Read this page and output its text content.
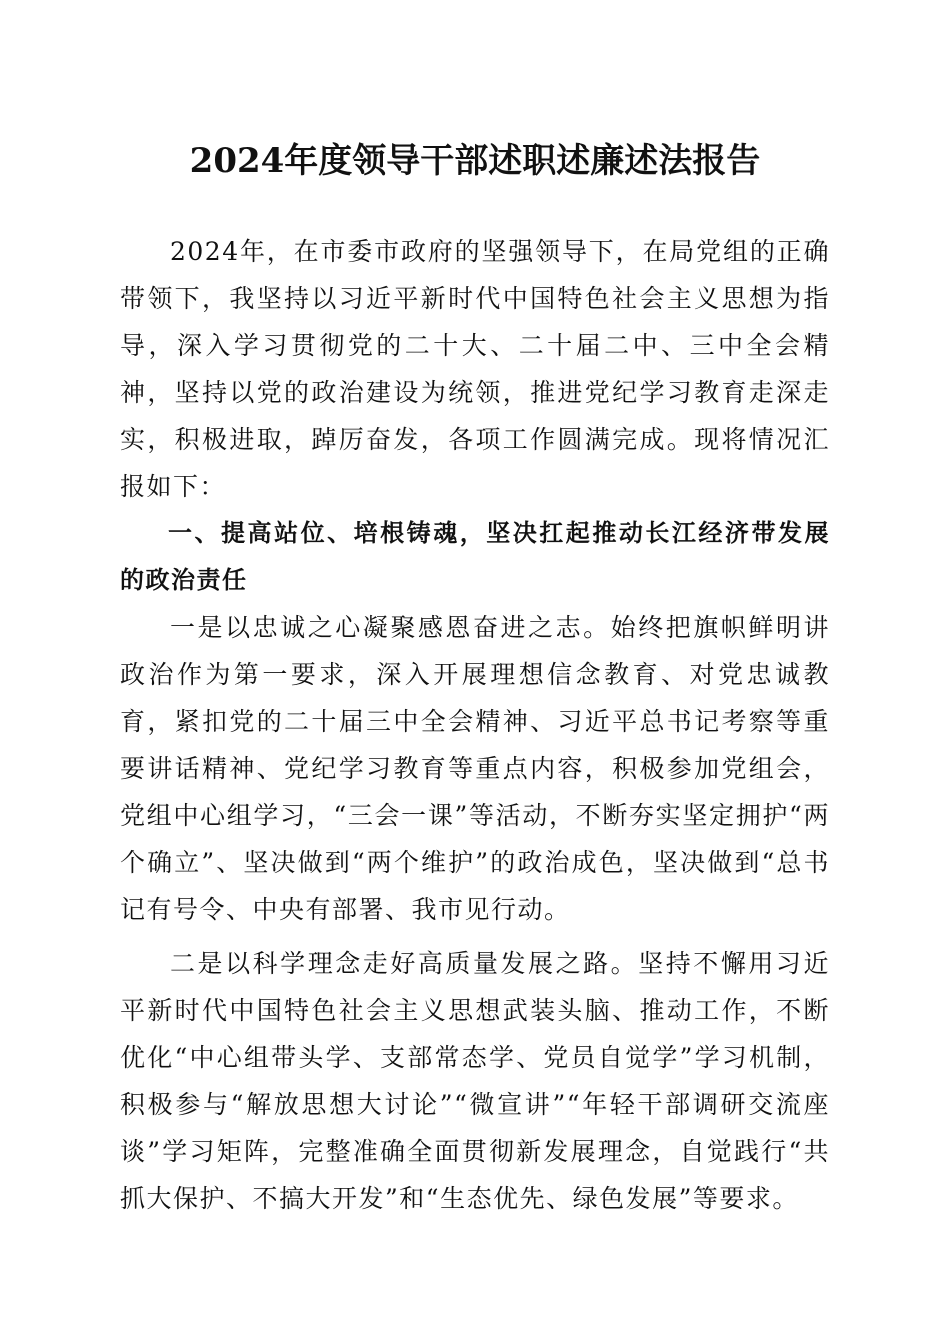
2024年度领导干部述职述廉述法报告

2024年，在市委市政府的坚强领导下，在局党组的正确带领下，我坚持以习近平新时代中国特色社会主义思想为指导，深入学习贯彻党的二十大、二十届二中、三中全会精神，坚持以党的政治建设为统领，推进党纪学习教育走深走实，积极进取，踔厉奋发，各项工作圆满完成。现将情况汇报如下：

一、提高站位、培根铸魂，坚决扛起推动长江经济带发展的政治责任

一是以忠诚之心凝聚感恩奋进之志。始终把旗帜鲜明讲政治作为第一要求，深入开展理想信念教育、对党忠诚教育，紧扣党的二十届三中全会精神、习近平总书记考察等重要讲话精神、党纪学习教育等重点内容，积极参加党组会，党组中心组学习，“三会一课”等活动，不断夯实坚定拥护“两个确立”、坚决做到“两个维护”的政治成色，坚决做到“总书记有号令、中央有部署、我市见行动。

二是以科学理念走好高质量发展之路。坚持不懈用习近平新时代中国特色社会主义思想武装头脑、推动工作，不断优化“中心组带头学、支部常态学、党员自觉学”学习机制，积极参与“解放思想大讨论”“微宣讲”“年轻干部调研交流座谈”学习矩阵，完整准确全面贯彻新发展理念，自觉践行“共抓大保护、不搞大开发”和“生态优先、绿色发展”等要求。
